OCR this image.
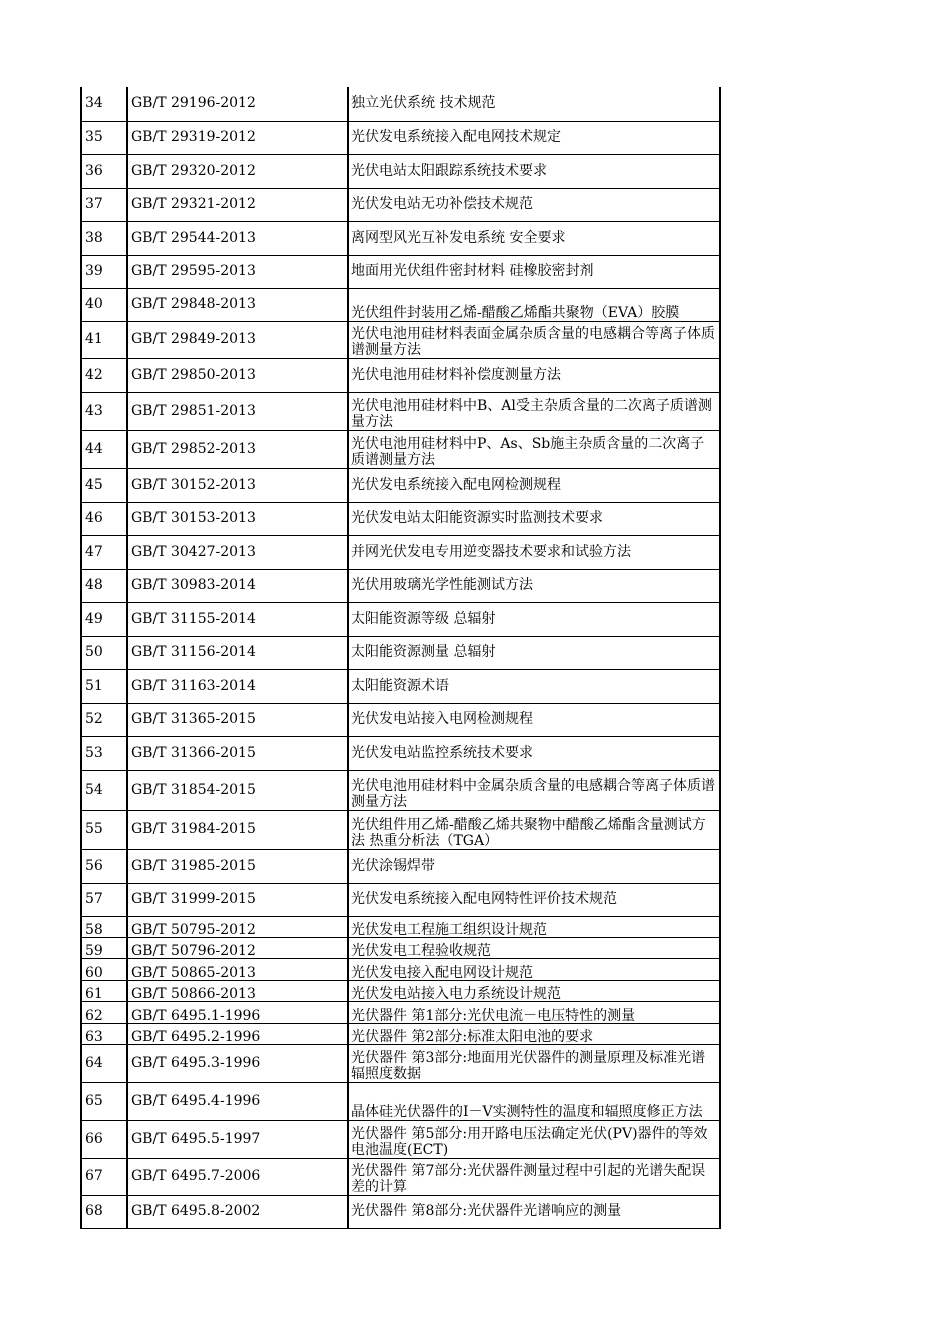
34	GB/T 29196-2012	独立光伏系统 技术规范
35	GB/T 29319-2012	光伏发电系统接入配电网技术规定
36	GB/T 29320-2012	光伏电站太阳跟踪系统技术要求
37	GB/T 29321-2012	光伏发电站无功补偿技术规范
38	GB/T 29544-2013	离网型风光互补发电系统 安全要求
39	GB/T 29595-2013	地面用光伏组件密封材料 硅橡胶密封剂
40	GB/T 29848-2013	光伏组件封装用乙烯-醋酸乙烯酯共聚物（EVA）胶膜
41	GB/T 29849-2013	光伏电池用硅材料表面金属杂质含量的电感耦合等离子体质谱测量方法
42	GB/T 29850-2013	光伏电池用硅材料补偿度测量方法
43	GB/T 29851-2013	光伏电池用硅材料中B、Al受主杂质含量的二次离子质谱测量方法
44	GB/T 29852-2013	光伏电池用硅材料中P、As、Sb施主杂质含量的二次离子质谱测量方法
45	GB/T 30152-2013	光伏发电系统接入配电网检测规程
46	GB/T 30153-2013	光伏发电站太阳能资源实时监测技术要求
47	GB/T 30427-2013	并网光伏发电专用逆变器技术要求和试验方法
48	GB/T 30983-2014	光伏用玻璃光学性能测试方法
49	GB/T 31155-2014	太阳能资源等级 总辐射
50	GB/T 31156-2014	太阳能资源测量 总辐射
51	GB/T 31163-2014	太阳能资源术语
52	GB/T 31365-2015	光伏发电站接入电网检测规程
53	GB/T 31366-2015	光伏发电站监控系统技术要求
54	GB/T 31854-2015	光伏电池用硅材料中金属杂质含量的电感耦合等离子体质谱测量方法
55	GB/T 31984-2015	光伏组件用乙烯-醋酸乙烯共聚物中醋酸乙烯酯含量测试方法 热重分析法（TGA）
56	GB/T 31985-2015	光伏涂锡焊带
57	GB/T 31999-2015	光伏发电系统接入配电网特性评价技术规范
58	GB/T 50795-2012	光伏发电工程施工组织设计规范
59	GB/T 50796-2012	光伏发电工程验收规范
60	GB/T 50865-2013	光伏发电接入配电网设计规范
61	GB/T 50866-2013	光伏发电站接入电力系统设计规范
62	GB/T 6495.1-1996	光伏器件 第1部分:光伏电流－电压特性的测量
63	GB/T 6495.2-1996	光伏器件 第2部分:标准太阳电池的要求
64	GB/T 6495.3-1996	光伏器件 第3部分:地面用光伏器件的测量原理及标准光谱辐照度数据
65	GB/T 6495.4-1996	晶体硅光伏器件的I－V实测特性的温度和辐照度修正方法
66	GB/T 6495.5-1997	光伏器件 第5部分:用开路电压法确定光伏(PV)器件的等效电池温度(ECT)
67	GB/T 6495.7-2006	光伏器件 第7部分:光伏器件测量过程中引起的光谱失配误差的计算
68	GB/T 6495.8-2002	光伏器件 第8部分:光伏器件光谱响应的测量
